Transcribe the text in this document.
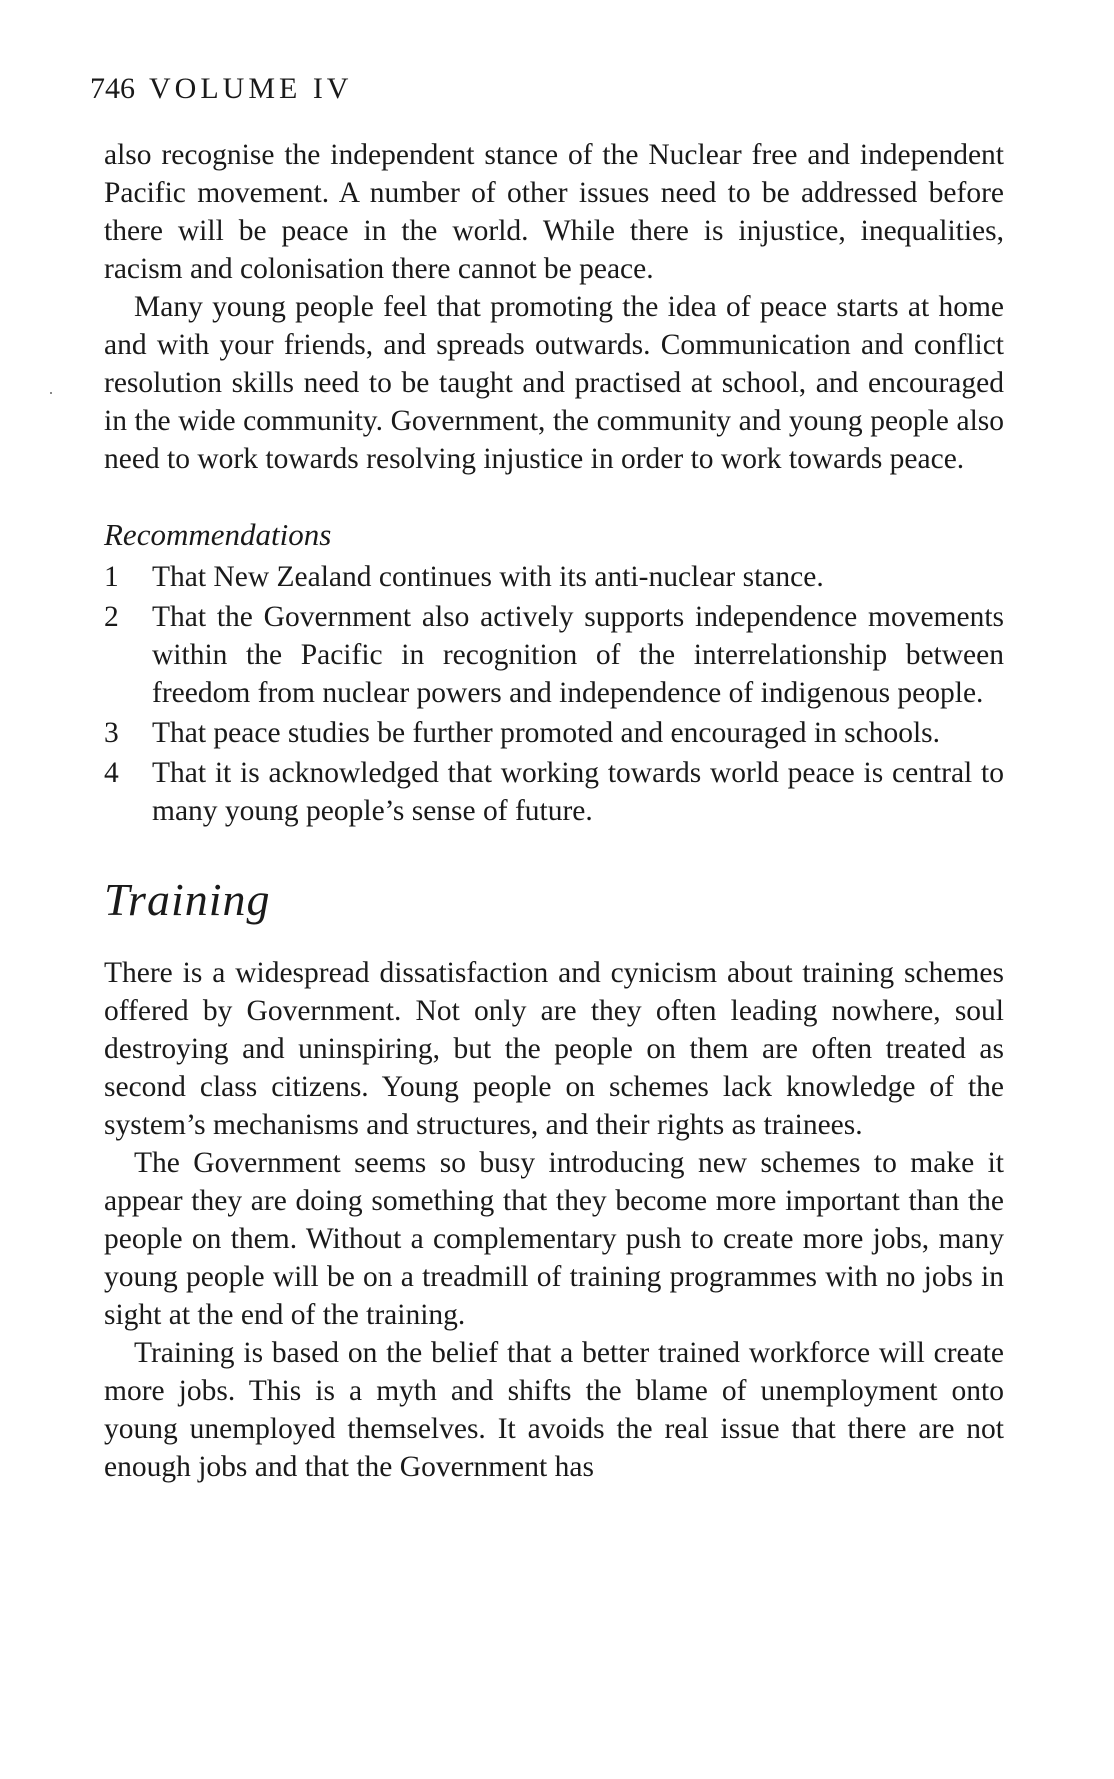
746 VOLUME IV

also recognise the independent stance of the Nuclear free and independent Pacific movement. A number of other issues need to be addressed before there will be peace in the world. While there is injustice, inequalities, racism and colonisation there cannot be peace.

Many young people feel that promoting the idea of peace starts at home and with your friends, and spreads outwards. Communication and conflict resolution skills need to be taught and practised at school, and encouraged in the wide community. Government, the community and young people also need to work towards resolving injustice in order to work towards peace.

Recommendations
1 That New Zealand continues with its anti-nuclear stance.
2 That the Government also actively supports independence movements within the Pacific in recognition of the interrelationship between freedom from nuclear powers and independence of indigenous people.
3 That peace studies be further promoted and encouraged in schools.
4 That it is acknowledged that working towards world peace is central to many young people’s sense of future.
Training

There is a widespread dissatisfaction and cynicism about training schemes offered by Government. Not only are they often leading nowhere, soul destroying and uninspiring, but the people on them are often treated as second class citizens. Young people on schemes lack knowledge of the system’s mechanisms and structures, and their rights as trainees.

The Government seems so busy introducing new schemes to make it appear they are doing something that they become more important than the people on them. Without a complementary push to create more jobs, many young people will be on a treadmill of training programmes with no jobs in sight at the end of the training.

Training is based on the belief that a better trained workforce will create more jobs. This is a myth and shifts the blame of unemployment onto young unemployed themselves. It avoids the real issue that there are not enough jobs and that the Government has
